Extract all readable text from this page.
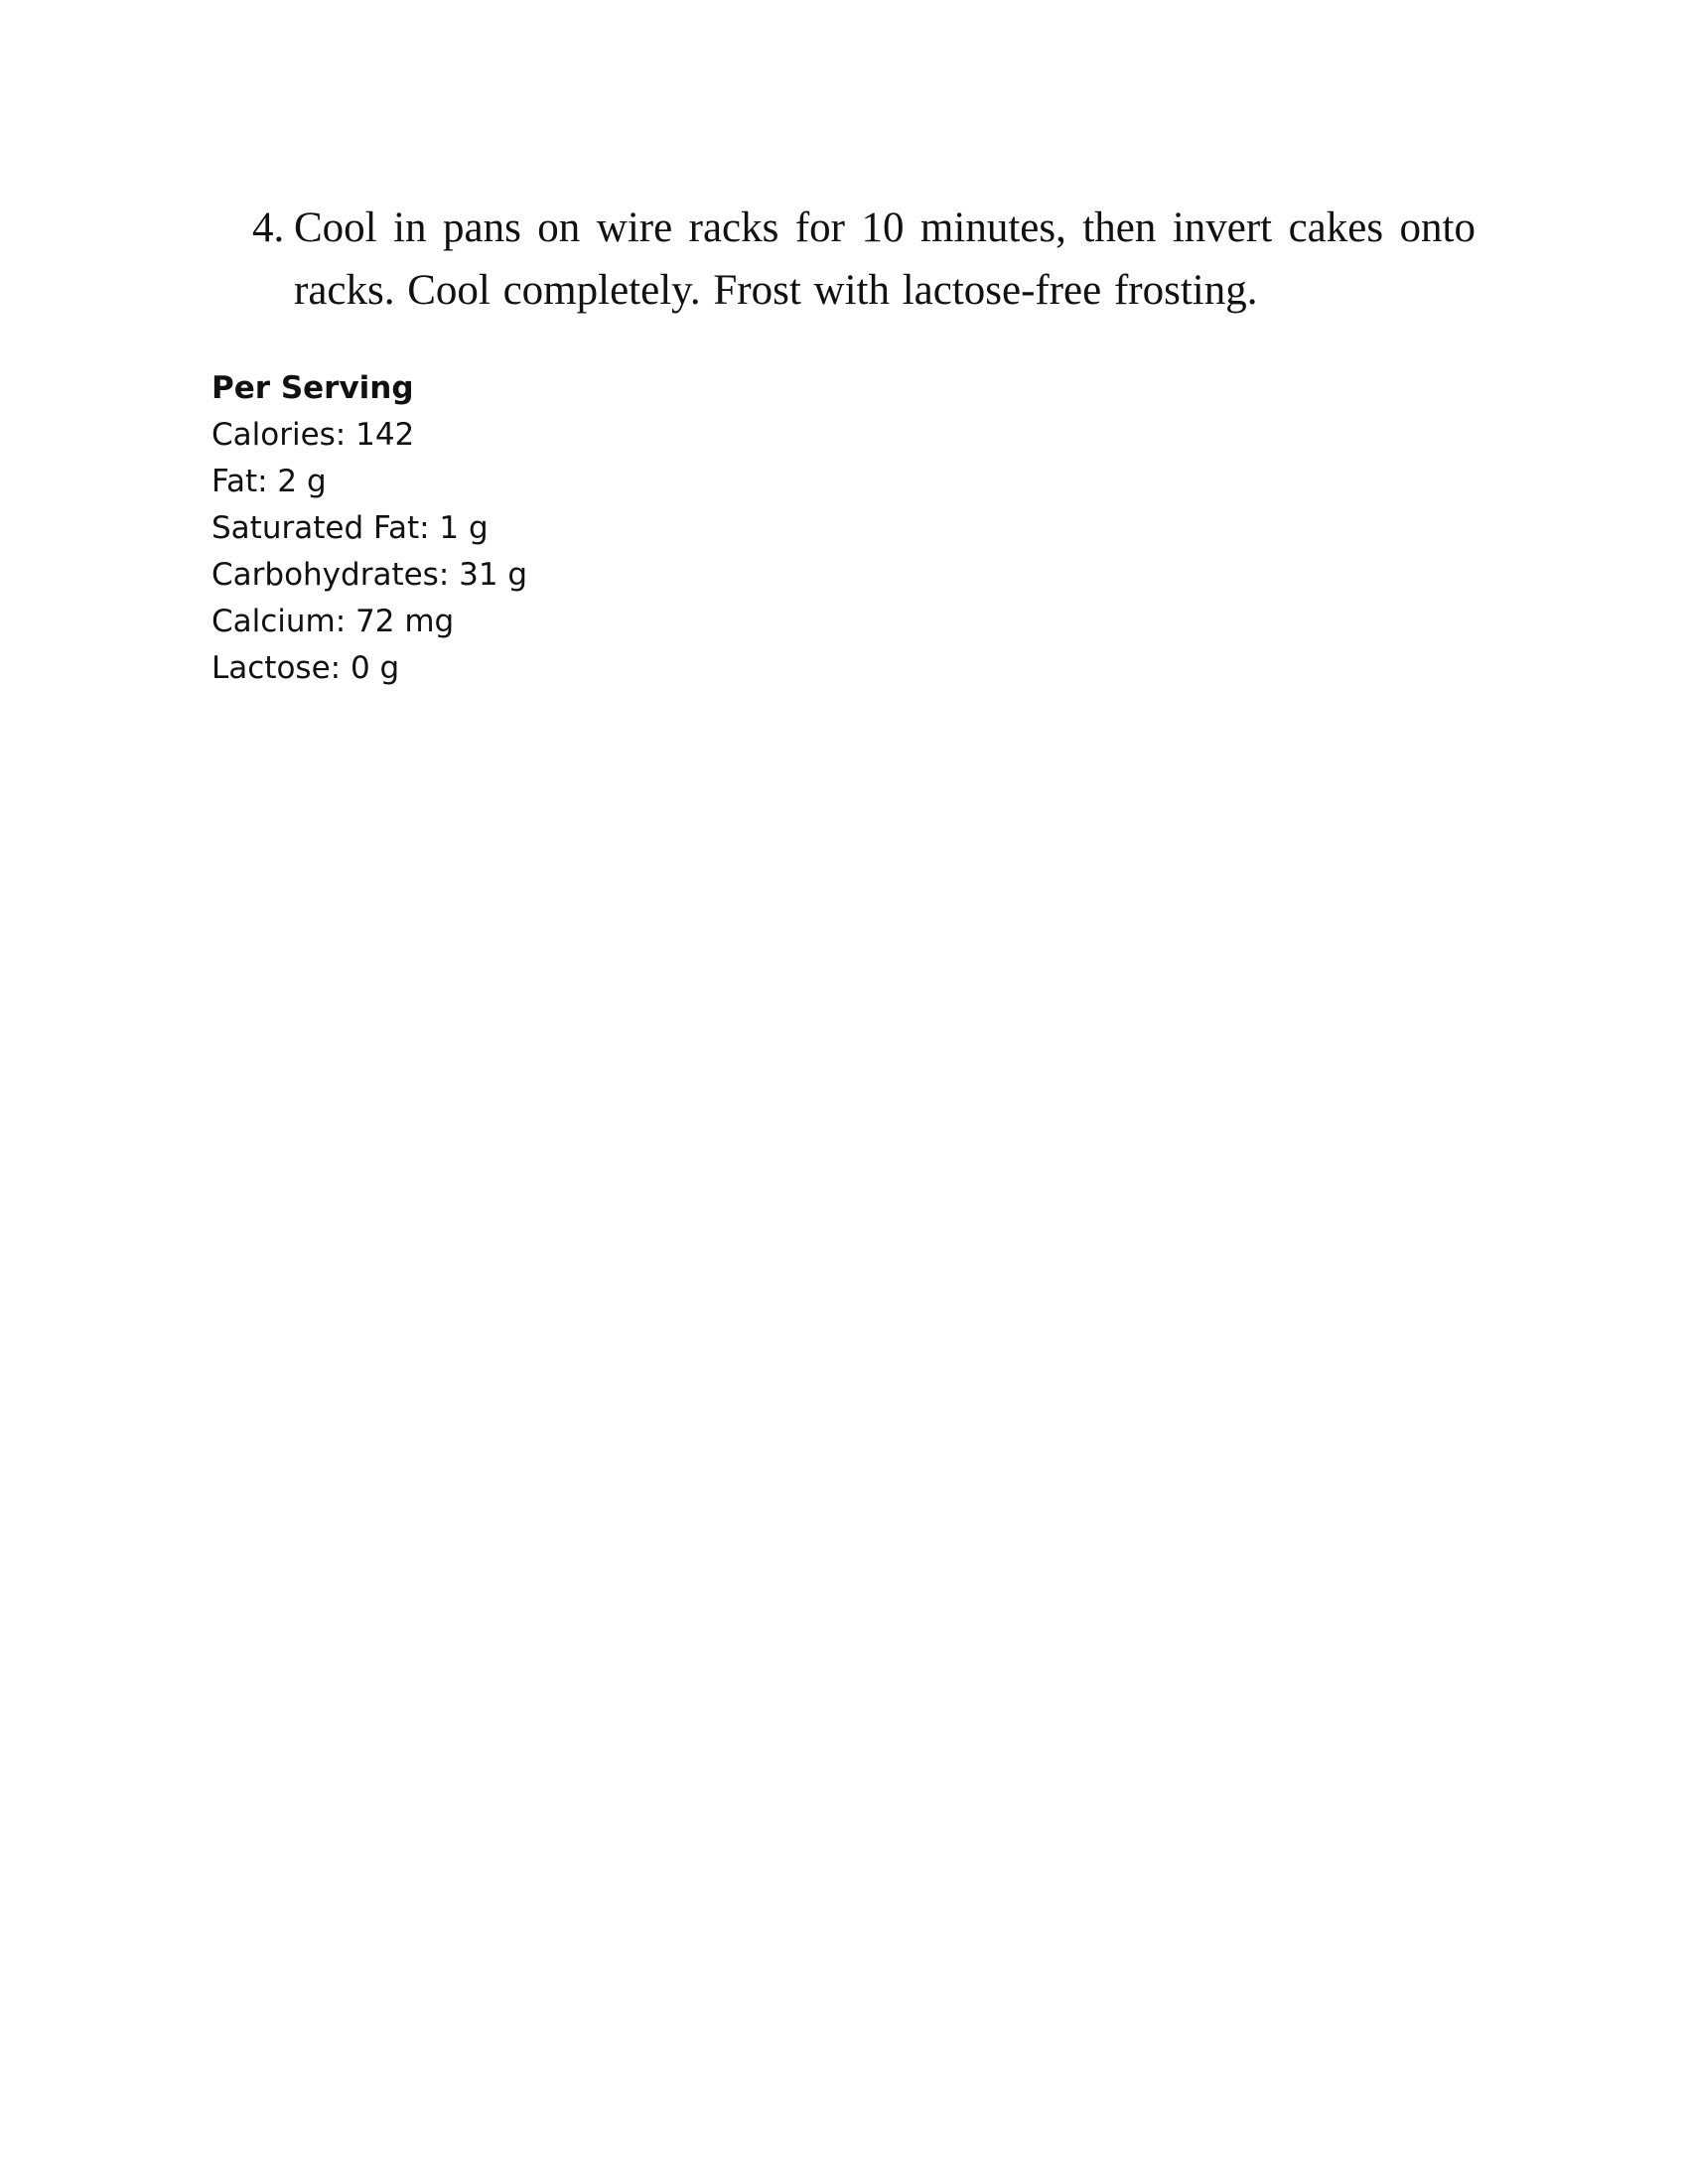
4. Cool in pans on wire racks for 10 minutes, then invert cakes onto racks. Cool completely. Frost with lactose-free frosting.
Per Serving
Calories: 142
Fat: 2 g
Saturated Fat: 1 g
Carbohydrates: 31 g
Calcium: 72 mg
Lactose: 0 g
